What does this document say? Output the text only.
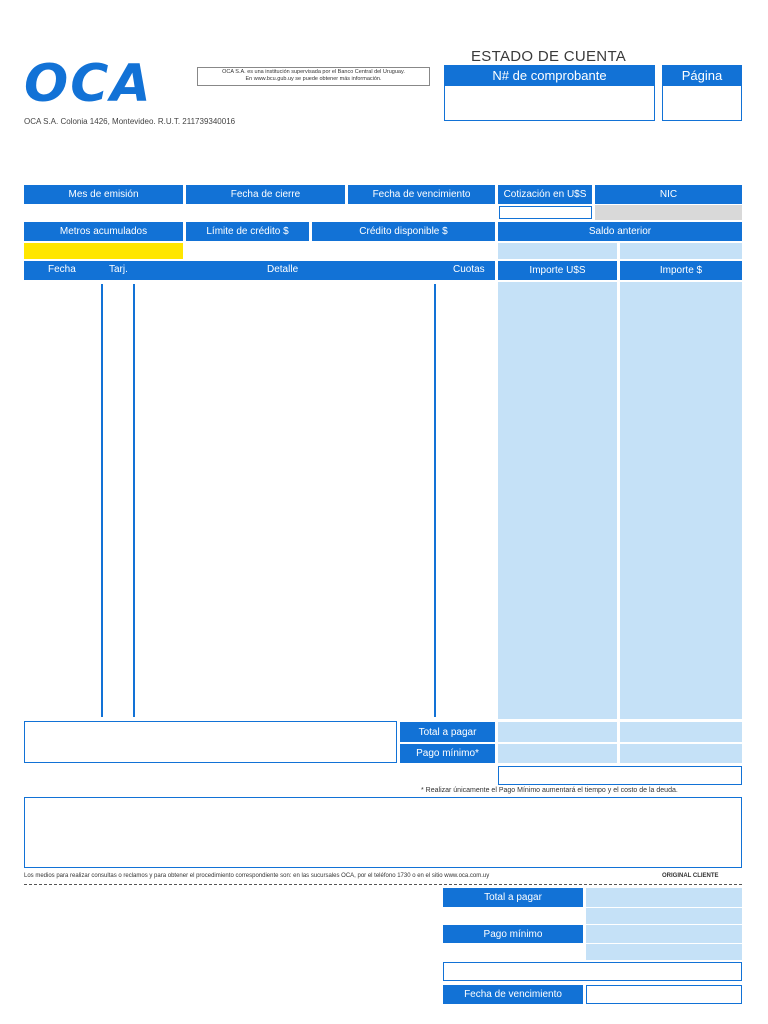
OCA	OCA S.A. es una institución supervisada por el Banco Central del Uruguay.
En www.bcu.gub.uy se puede obtener más información.
OCA S.A. Colonia 1426, Montevideo. R.U.T. 211739340016
ESTADO DE CUENTA
N# de comprobante	Página
Mes de emisión	Fecha de cierre	Fecha de vencimiento	Cotización en U$S	NIC
Metros acumulados	Límite de crédito $	Crédito disponible $	Saldo anterior
Fecha	Tarj.	Detalle	Cuotas	Importe U$S	Importe $
Total a pagar
Pago mínimo*
* Realizar únicamente el Pago Mínimo aumentará el tiempo y el costo de la deuda.
Los medios para realizar consultas o reclamos y para obtener el procedimiento correspondiente son: en las sucursales OCA, por el teléfono 1730 o en el sitio www.oca.com.uy	ORIGINAL CLIENTE
Total a pagar
Pago mínimo
Fecha de vencimiento
